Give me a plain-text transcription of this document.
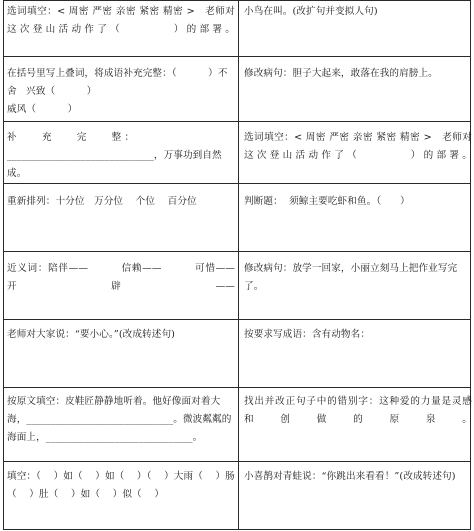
选词填空：< 周密 严密 亲密 紧密 精密 >   老师对这次登山活动作了（        ）的部署。
小鸟在叫。(改扩句并变拟人句)
在括号里写上叠词，将成语补充完整：（          ）不舍   兴致（          ）
威风（          ）
修改病句：胆子大起来，敢落在我的肩膀上。
补        充        完        整 ：______________________________，万事功到自然成。
选词填空：< 周密 严密 亲密 紧密 精密 >   老师对这次登山活动作了（        ）的部署。
重新排列：十分位   万分位    个位    百分位	判断题：  须鲸主要吃虾和鱼。（      ）
近义词：陪伴——         信赖——         可惜——        开辟——
修改病句：放学一回家，小丽立刻马上把作业写完了。
老师对大家说：“要小心。”(改成转述句)	按要求写成语：含有动物名：
按原文填空：皮鞋匠静静地听着。他好像面对着大海，______________________________。微波粼粼的海面上，______________________________。
找出并改正句子中的错别字：这种爱的力量是灵感   和     创     做     的     原     泉     。
填空：（    ）如（    ）如（    ）（    ）大雨（    ）肠（    ）肚（    ）如（    ）似（    ）
小喜鹊对青蛙说：“你跳出来看看！”(改成转述句)
